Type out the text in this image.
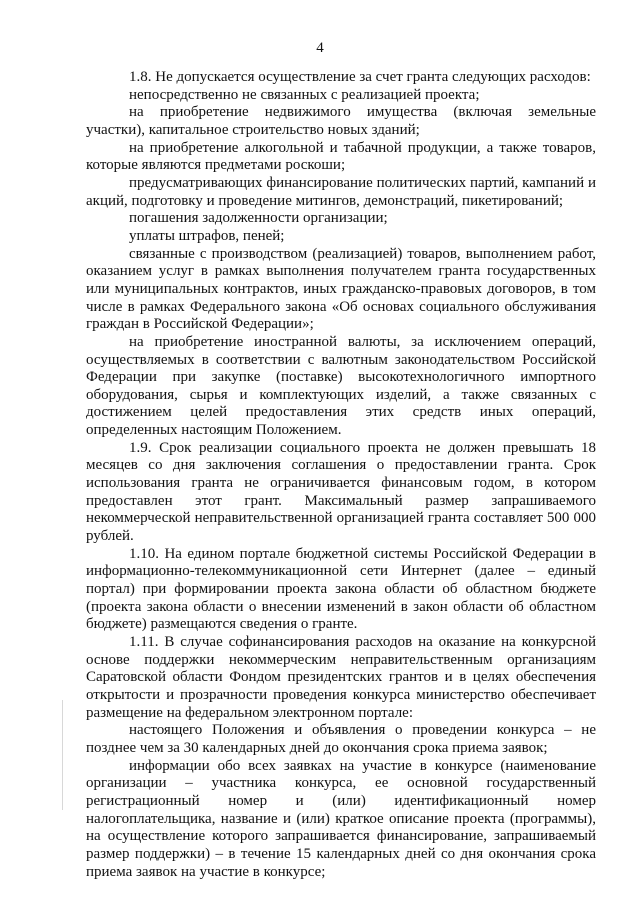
4

1.8. Не допускается осуществление за счет гранта следующих расходов:

непосредственно не связанных с реализацией проекта;

на приобретение недвижимого имущества (включая земельные участки), капитальное строительство новых зданий;

на приобретение алкогольной и табачной продукции, а также товаров, которые являются предметами роскоши;

предусматривающих финансирование политических партий, кампаний и акций, подготовку и проведение митингов, демонстраций, пикетирований;

погашения задолженности организации;

уплаты штрафов, пеней;

связанные с производством (реализацией) товаров, выполнением работ, оказанием услуг в рамках выполнения получателем гранта государственных или муниципальных контрактов, иных гражданско-правовых договоров, в том числе в рамках Федерального закона «Об основах социального обслуживания граждан в Российской Федерации»;

на приобретение иностранной валюты, за исключением операций, осуществляемых в соответствии с валютным законодательством Российской Федерации при закупке (поставке) высокотехнологичного импортного оборудования, сырья и комплектующих изделий, а также связанных с достижением целей предоставления этих средств иных операций, определенных настоящим Положением.

1.9. Срок реализации социального проекта не должен превышать 18 месяцев со дня заключения соглашения о предоставлении гранта. Срок использования гранта не ограничивается финансовым годом, в котором предоставлен этот грант. Максимальный размер запрашиваемого некоммерческой неправительственной организацией гранта составляет 500 000 рублей.

1.10. На едином портале бюджетной системы Российской Федерации в информационно-телекоммуникационной сети Интернет (далее – единый портал) при формировании проекта закона области об областном бюджете (проекта закона области о внесении изменений в закон области об областном бюджете) размещаются сведения о гранте.

1.11. В случае софинансирования расходов на оказание на конкурсной основе поддержки некоммерческим неправительственным организациям Саратовской области Фондом президентских грантов и в целях обеспечения открытости и прозрачности проведения конкурса министерство обеспечивает размещение на федеральном электронном портале:

настоящего Положения и объявления о проведении конкурса – не позднее чем за 30 календарных дней до окончания срока приема заявок;

информации обо всех заявках на участие в конкурсе (наименование организации – участника конкурса, ее основной государственный регистрационный номер и (или) идентификационный номер налогоплательщика, название и (или) краткое описание проекта (программы), на осуществление которого запрашивается финансирование, запрашиваемый размер поддержки) – в течение 15 календарных дней со дня окончания срока приема заявок на участие в конкурсе;
